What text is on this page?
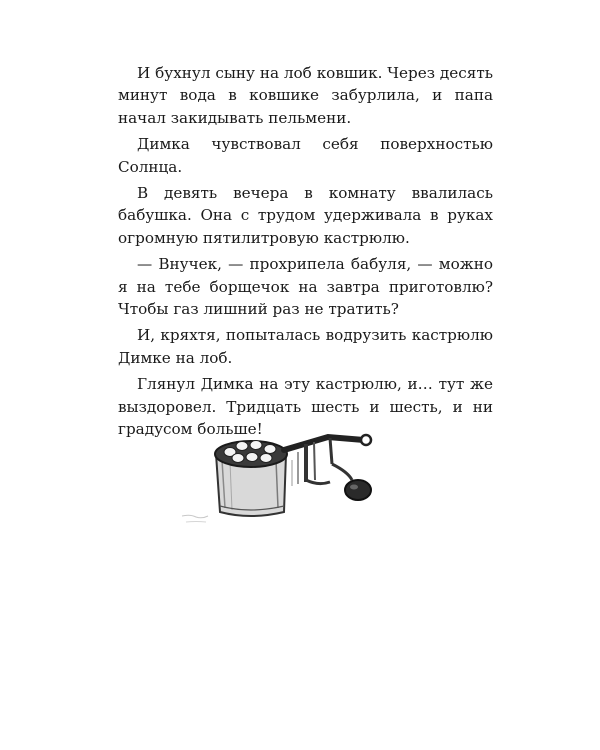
И бухнул сыну на лоб ковшик. Через десять минут вода в ковшике забурлила, и папа начал закидывать пельмени.

Димка чувствовал себя поверхностью Солнца.

В девять вечера в комнату ввалилась бабушка. Она с трудом удерживала в руках огромную пятилитровую кастрюлю.

— Внучек, — прохрипела бабуля, — можно я на тебе борщечок на завтра приготовлю? Чтобы газ лишний раз не тратить?

И, кряхтя, попыталась водрузить кастрюлю Димке на лоб.

Глянул Димка на эту кастрюлю, и… тут же выздоровел. Тридцать шесть и шесть, и ни градусом больше!
